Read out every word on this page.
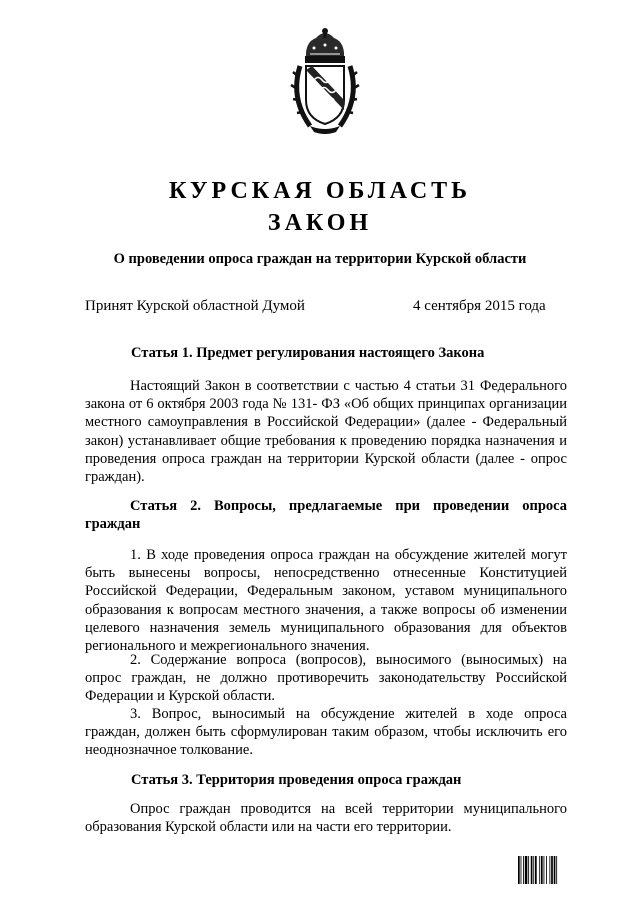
КУРСКАЯ ОБЛАСТЬ
ЗАКОН
О проведении опроса граждан на территории Курской области
Принят Курской областной Думой	4 сентября 2015 года
Статья 1. Предмет регулирования настоящего Закона

Настоящий Закон в соответствии с частью 4 статьи 31 Федерального закона от 6 октября 2003 года № 131- ФЗ «Об общих принципах организации местного самоуправления в Российской Федерации» (далее - Федеральный закон) устанавливает общие требования к проведению порядка назначения и проведения опроса граждан на территории Курской области (далее - опрос граждан).

Статья 2. Вопросы, предлагаемые при проведении опроса граждан

1. В ходе проведения опроса граждан на обсуждение жителей могут быть вынесены вопросы, непосредственно отнесенные Конституцией Российской Федерации, Федеральным законом, уставом муниципального образования к вопросам местного значения, а также вопросы об изменении целевого назначения земель муниципального образования для объектов регионального и межрегионального значения.

2. Содержание вопроса (вопросов), выносимого (выносимых) на опрос граждан, не должно противоречить законодательству Российской Федерации и Курской области.

3. Вопрос, выносимый на обсуждение жителей в ходе опроса граждан, должен быть сформулирован таким образом, чтобы исключить его неоднозначное толкование.

Статья 3. Территория проведения опроса граждан

Опрос граждан проводится на всей территории муниципального образования Курской области или на части его территории.
